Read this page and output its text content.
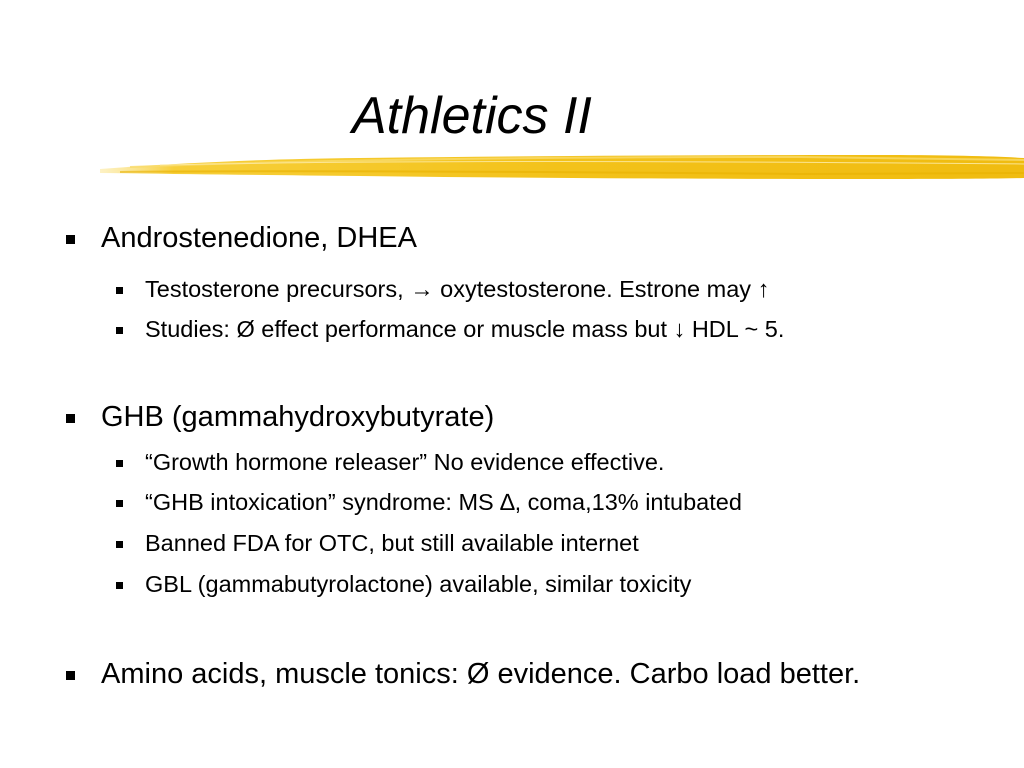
Athletics II
Androstenedione, DHEA
Testosterone precursors, → oxytestosterone. Estrone may ↑
Studies: Ø effect performance or muscle mass but ↓ HDL ~ 5.
GHB (gammahydroxybutyrate)
“Growth hormone releaser” No evidence effective.
“GHB intoxication” syndrome: MS ∆, coma,13% intubated
Banned FDA for OTC, but still available internet
GBL (gammabutyrolactone) available, similar toxicity
Amino acids, muscle tonics: Ø evidence. Carbo load better.
